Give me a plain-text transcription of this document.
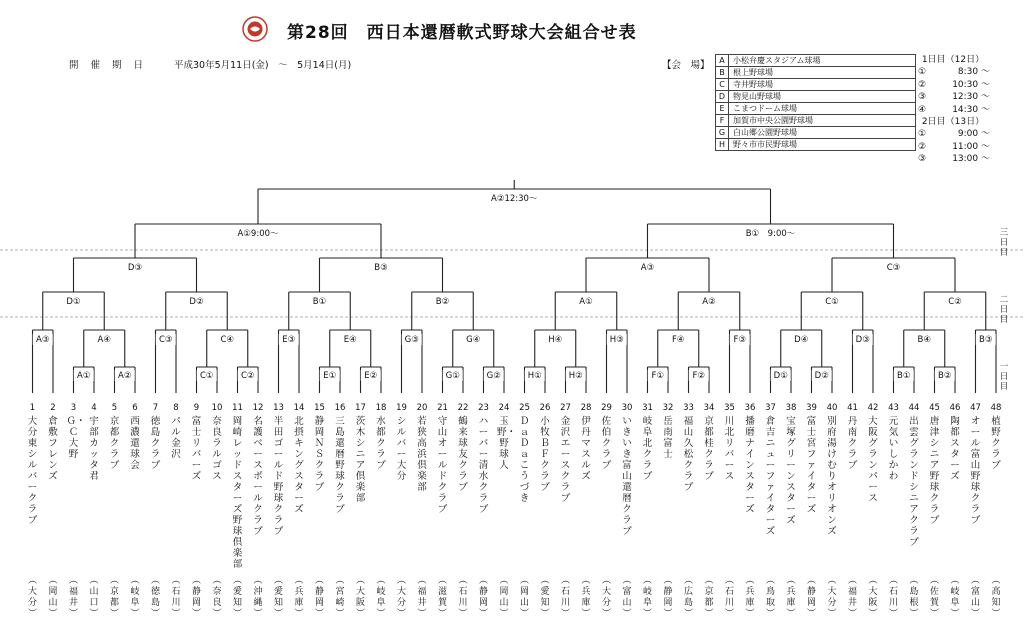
第28回　西日本還暦軟式野球大会組合せ表
開催期日 平成30年5月11日(金)　～　5月14日(月)	【会　場】 A	小松弁慶スタジアム球場
B	根上野球場
C	寺井野球場
D	物見山野球場
E	こまつドーム球場
F	加賀市中央公園野球場
G	白山郷公園野球場
H	野々市市民野球場
1日目（12日）
①	8:30 ～
②	10:30 ～
③	12:30 ～
④	14:30 ～
2日目（13日）
①	9:00 ～
②	11:00 ～
③	13:00 ～
A①	A②	C①	C②	E①	E②	G①	G②	H①	H②	F①	F②	D①	D②	B①	B②
A③	A④	C③	C④	E③	E④	G③	G④	H④	H③	F④	F③	D④	D③	B④	B③
D①	D②	B①	B②	A①	A②	C①	C②
D③	B③	A③	C③
A①9:00～	B①　9:00～
A②12:30～
1
大分東シルバークラブ
︵
大分
︶
2
倉敷フレンズ
︵
岡山
︶
3
Ｇ・Ｃ大野
︵
福井
︶
4
宇部カッタ君
︵
山口
︶
5
京都クラブ
︵
京都
︶
6
西濃還球会
︵
岐阜
︶
7
徳島クラブ
︵
徳島
︶
8
パル金沢
︵
石川
︶
9
富士リバーズ
︵
静岡
︶
10
奈良ラルゴス
︵
奈良
︶
11
岡崎レッドスターズ野球倶楽部
︵
愛知
︶
12
名護ベースボールクラブ
︵
沖縄
︶
13
半田ゴールド野球クラブ
︵
愛知
︶
14
北摂キングスターズ
︵
兵庫
︶
15
静岡ＮＳクラブ
︵
静岡
︶
16
三島還暦野球クラブ
︵
宮崎
︶
17
茨木シニア倶楽部
︵
大阪
︶
18
水都クラブ
︵
岐阜
︶
19
シルバー大分
︵
大分
︶
20
若狭高浜倶楽部
︵
福井
︶
21
守山オールドクラブ
︵
滋賀
︶
22
鶴来球友クラブ
︵
石川
︶
23
ハーバー清水クラブ
︵
静岡
︶
24
玉野・野球人
︵
岡山
︶
25
ＤａＤａこうづき
︵
岡山
︶
26
小牧ＢＦクラブ
︵
愛知
︶
27
金沢エースクラブ
︵
石川
︶
28
伊丹マスルズ
︵
兵庫
︶
29
佐伯クラブ
︵
大分
︶
30
いきいき富山還暦クラブ
︵
富山
︶
31
岐阜北クラブ
︵
岐阜
︶
32
岳南富士
︵
静岡
︶
33
福山久松クラブ
︵
広島
︶
34
京都桂クラブ
︵
京都
︶
35
川北リバース
︵
石川
︶
36
播磨ナインスターズ
︵
兵庫
︶
37
倉吉ニューファイターズ
︵
鳥取
︶
38
宝塚グリーンスターズ
︵
兵庫
︶
39
富士宮ファイターズ
︵
静岡
︶
40
別府湯けむりオリオンズ
︵
大分
︶
41
丹南クラブ
︵
福井
︶
42
大阪グランパース
︵
大阪
︶
43
元気いしかわ
︵
石川
︶
44
出雲グランドシニアクラブ
︵
島根
︶
45
唐津シニア野球クラブ
︵
佐賀
︶
46
陶都スターズ
︵
岐阜
︶
47
オール富山野球クラブ
︵
富山
︶
48
植野クラブ
︵
高知
︶
三日目
二日目
一日目
